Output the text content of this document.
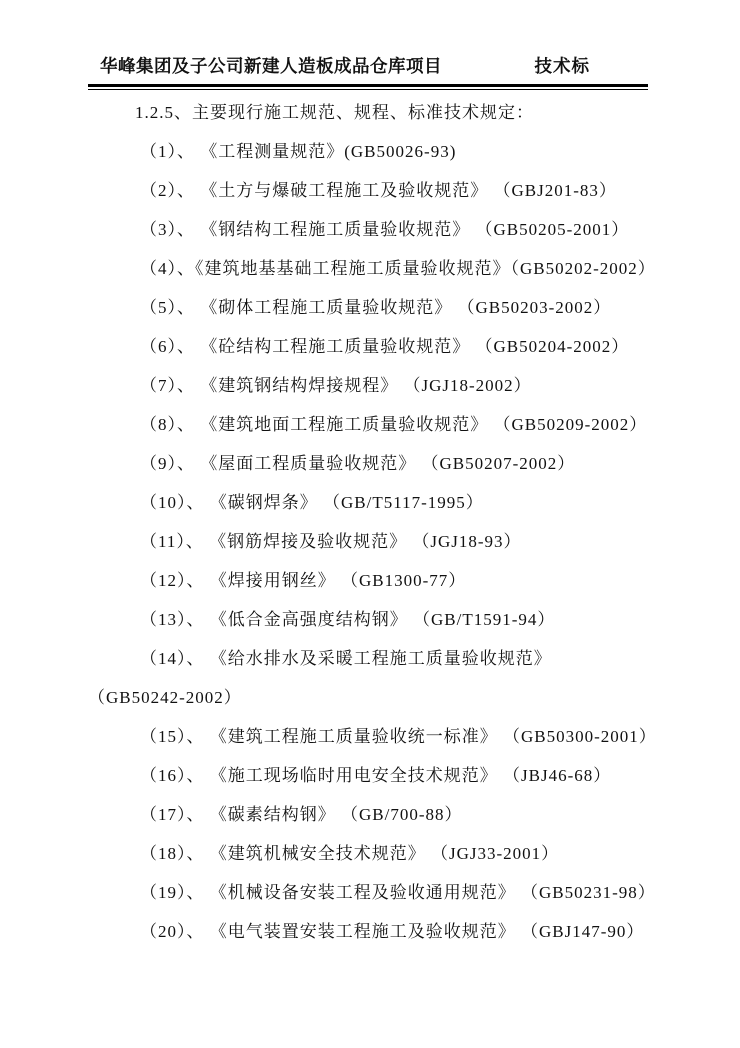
华峰集团及子公司新建人造板成品仓库项目	技术标
1.2.5、主要现行施工规范、规程、标准技术规定：
（1）、 《工程测量规范》(GB50026-93)
（2）、 《土方与爆破工程施工及验收规范》 （GBJ201-83）
（3）、 《钢结构工程施工质量验收规范》 （GB50205-2001）
（4）、《建筑地基基础工程施工质量验收规范》（GB50202-2002）
（5）、 《砌体工程施工质量验收规范》 （GB50203-2002）
（6）、 《砼结构工程施工质量验收规范》 （GB50204-2002）
（7）、 《建筑钢结构焊接规程》 （JGJ18-2002）
（8）、 《建筑地面工程施工质量验收规范》 （GB50209-2002）
（9）、 《屋面工程质量验收规范》 （GB50207-2002）
（10）、 《碳钢焊条》 （GB/T5117-1995）
（11）、 《钢筋焊接及验收规范》 （JGJ18-93）
（12）、 《焊接用钢丝》 （GB1300-77）
（13）、 《低合金高强度结构钢》 （GB/T1591-94）
（14）、 《给水排水及采暖工程施工质量验收规范》
（GB50242-2002）
（15）、 《建筑工程施工质量验收统一标准》 （GB50300-2001）
（16）、 《施工现场临时用电安全技术规范》 （JBJ46-68）
（17）、 《碳素结构钢》 （GB/700-88）
（18）、 《建筑机械安全技术规范》 （JGJ33-2001）
（19）、 《机械设备安装工程及验收通用规范》 （GB50231-98）
（20）、 《电气装置安装工程施工及验收规范》 （GBJ147-90）
